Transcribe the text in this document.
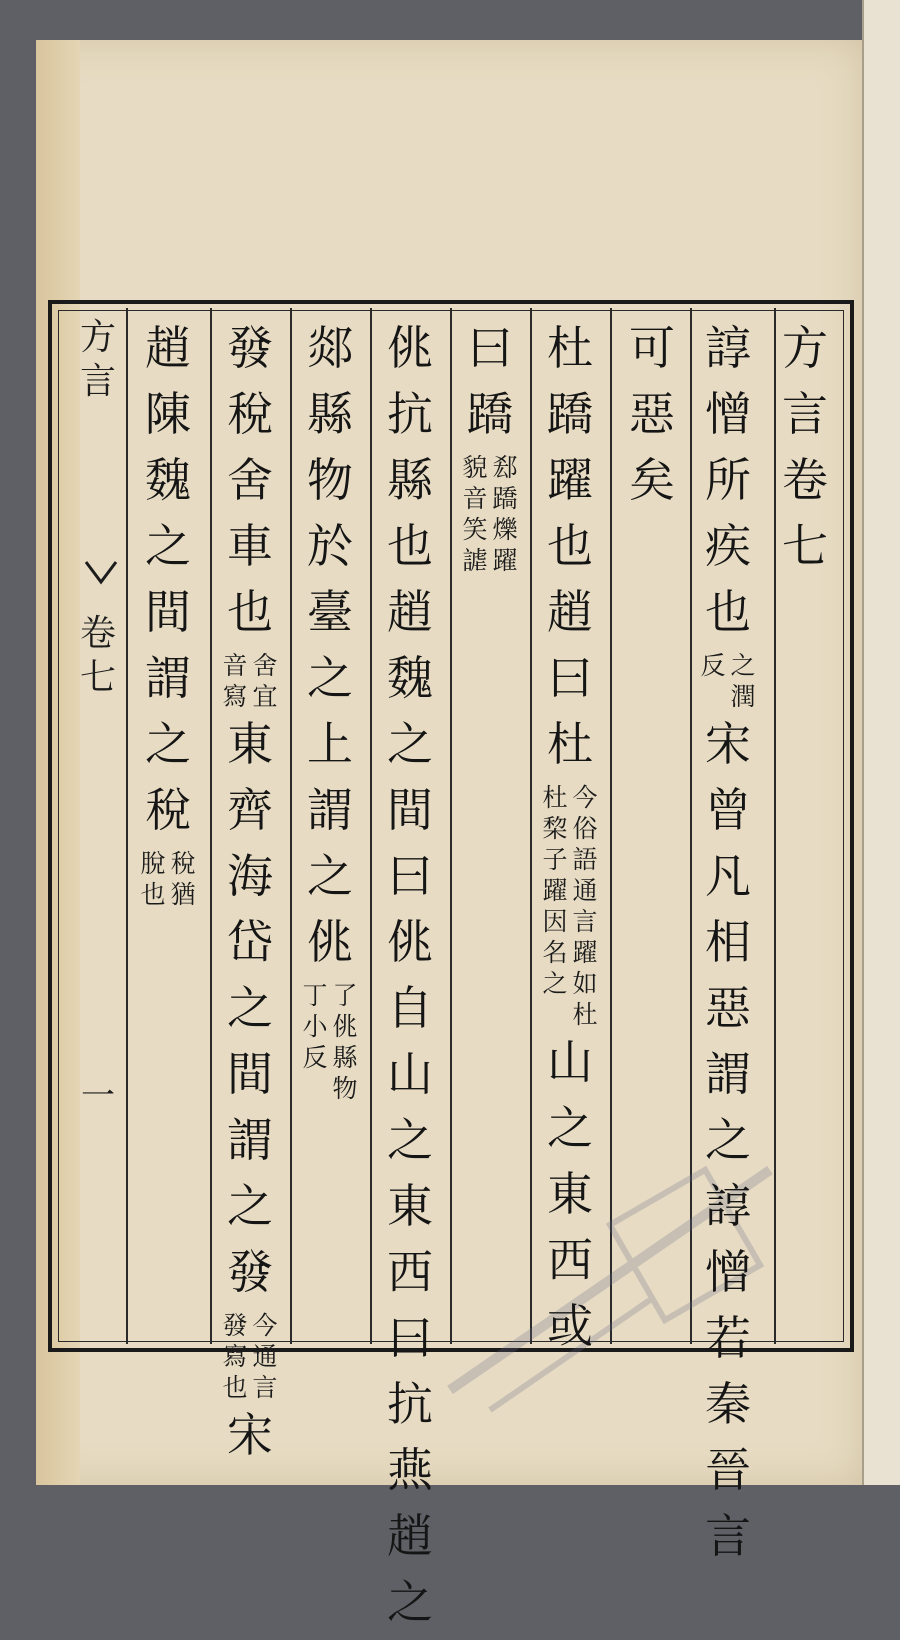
方
言
卷
七
一
方
言
卷
七
諄
憎
所
疾
也
之
潤
反
宋
曾
凡
相
惡
謂
之
諄
憎
若
秦
晉
言
可
惡
矣
杜
蹻
躍
也
趙
曰
杜
今
俗
語
通
言
躍
如
杜
杜
棃
子
躍
因
名
之
山
之
東
西
或
曰
蹻
郄
蹻
爍
躍
貌
音
笑
謔
佻
抗
縣
也
趙
魏
之
間
曰
佻
自
山
之
東
西
曰
抗
燕
趙
之
郯
縣
物
於
臺
之
上
謂
之
佻
了
佻
縣
物
丁
小
反
發
稅
舍
車
也
舍
宜
音
寫
東
齊
海
岱
之
間
謂
之
發
今
通
言
發
寫
也
宋
趙
陳
魏
之
間
謂
之
稅
稅
猶
脫
也
